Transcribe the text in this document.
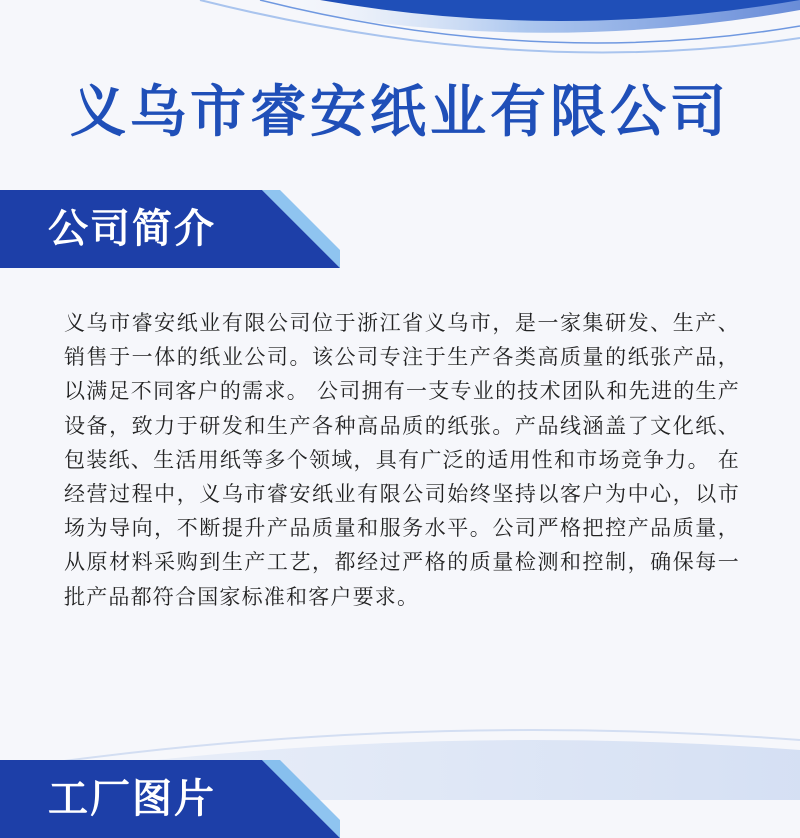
义乌市睿安纸业有限公司
公司简介
义乌市睿安纸业有限公司位于浙江省义乌市，是一家集研发、生产、销售于一体的纸业公司。该公司专注于生产各类高质量的纸张产品，以满足不同客户的需求。 公司拥有一支专业的技术团队和先进的生产设备，致力于研发和生产各种高品质的纸张。产品线涵盖了文化纸、包装纸、生活用纸等多个领域，具有广泛的适用性和市场竞争力。 在经营过程中，义乌市睿安纸业有限公司始终坚持以客户为中心，以市场为导向，不断提升产品质量和服务水平。公司严格把控产品质量，从原材料采购到生产工艺，都经过严格的质量检测和控制，确保每一批产品都符合国家标准和客户要求。
工厂图片
